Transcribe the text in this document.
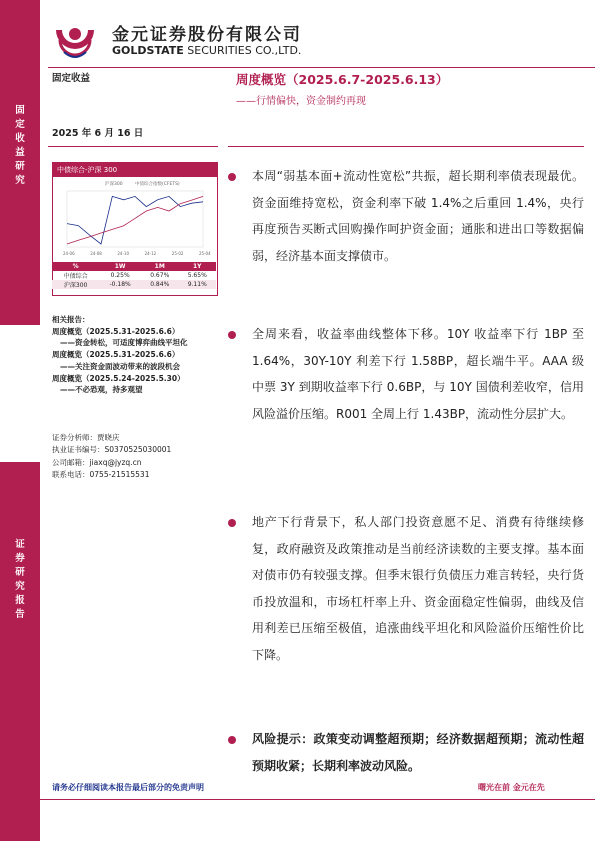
固定收益研究
证券研究报告
金元证券股份有限公司
GOLDSTATE SECURITIES CO.,LTD.
固定收益
2025 年 6 月 16 日
周度概览（2025.6.7-2025.6.13）
——行情偏快，资金制约再现
中债综合-沪深 300
沪深300	中债综合指数(CFETS)
24-06	24-08	24-10	24-12	25-02	25-04
%	1W	1M	1Y
中债综合	0.25%	0.67%	5.65%
沪深300	-0.18%	0.84%	9.11%
相关报告：
周度概览（2025.5.31-2025.6.6）
——资金转松，可适度博弈曲线平坦化
周度概览（2025.5.31-2025.6.6）
——关注资金面波动带来的波段机会
周度概览（2025.5.24-2025.5.30）
——不必恐观，持多观望
证券分析师：贾晓庆
执业证书编号：S0370525030001
公司邮箱：jiaxq@jyzq.cn
联系电话：0755-21515531
本周“弱基本面+流动性宽松”共振，超长期利率债表现最优。资金面维持宽松，资金利率下破 1.4%之后重回 1.4%，央行再度预告买断式回购操作呵护资金面；通胀和进出口等数据偏弱，经济基本面支撑债市。
全周来看，收益率曲线整体下移。10Y 收益率下行 1BP 至 1.64%，30Y-10Y 利差下行 1.58BP，超长端牛平。AAA 级中票 3Y 到期收益率下行 0.6BP，与 10Y 国债利差收窄，信用风险溢价压缩。R001 全周上行 1.43BP，流动性分层扩大。
地产下行背景下，私人部门投资意愿不足、消费有待继续修复，政府融资及政策推动是当前经济读数的主要支撑。基本面对债市仍有较强支撑。但季末银行负债压力难言转轻，央行货币投放温和，市场杠杆率上升、资金面稳定性偏弱，曲线及信用利差已压缩至极值，追涨曲线平坦化和风险溢价压缩性价比下降。
风险提示：政策变动调整超预期；经济数据超预期；流动性超预期收紧；长期利率波动风险。
请务必仔细阅读本报告最后部分的免责声明	曙光在前 金元在先
